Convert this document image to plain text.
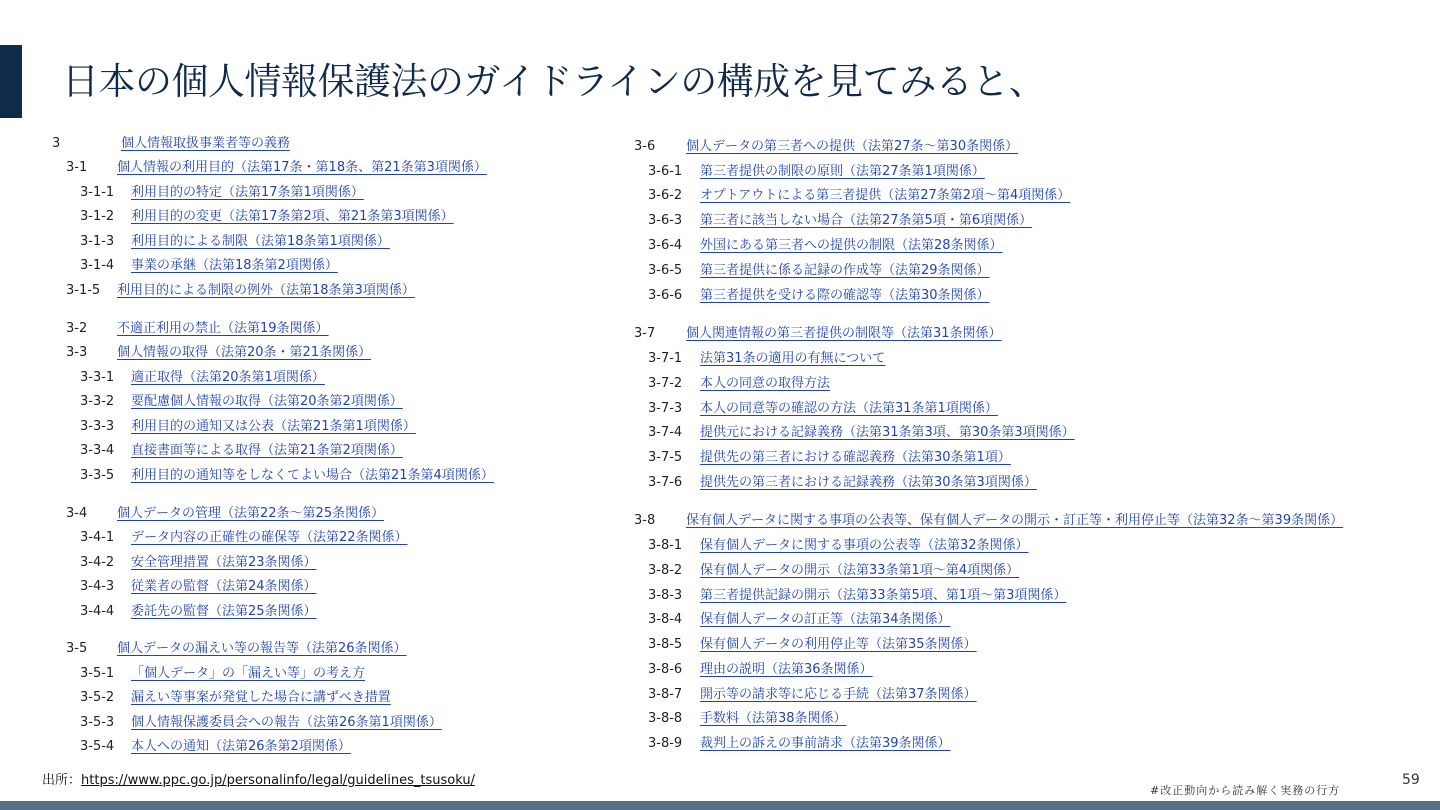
日本の個人情報保護法のガイドラインの構成を見てみると、
3	個人情報取扱事業者等の義務
3-1 個人情報の利用目的（法第17条・第18条、第21条第3項関係）
3-1-1 利用目的の特定（法第17条第1項関係）
3-1-2 利用目的の変更（法第17条第2項、第21条第3項関係）
3-1-3 利用目的による制限（法第18条第1項関係）
3-1-4 事業の承継（法第18条第2項関係）
3-1-5 利用目的による制限の例外（法第18条第3項関係）
3-2 不適正利用の禁止（法第19条関係）
3-3 個人情報の取得（法第20条・第21条関係）
3-3-1 適正取得（法第20条第1項関係）
3-3-2 要配慮個人情報の取得（法第20条第2項関係）
3-3-3 利用目的の通知又は公表（法第21条第1項関係）
3-3-4 直接書面等による取得（法第21条第2項関係）
3-3-5 利用目的の通知等をしなくてよい場合（法第21条第4項関係）
3-4 個人データの管理（法第22条～第25条関係）
3-4-1 データ内容の正確性の確保等（法第22条関係）
3-4-2 安全管理措置（法第23条関係）
3-4-3 従業者の監督（法第24条関係）
3-4-4 委託先の監督（法第25条関係）
3-5 個人データの漏えい等の報告等（法第26条関係）
3-5-1 「個人データ」の「漏えい等」の考え方
3-5-2 漏えい等事案が発覚した場合に講ずべき措置
3-5-3 個人情報保護委員会への報告（法第26条第1項関係）
3-5-4 本人への通知（法第26条第2項関係）
3-6 個人データの第三者への提供（法第27条～第30条関係）
3-6-1 第三者提供の制限の原則（法第27条第1項関係）
3-6-2 オプトアウトによる第三者提供（法第27条第2項～第4項関係）
3-6-3 第三者に該当しない場合（法第27条第5項・第6項関係）
3-6-4 外国にある第三者への提供の制限（法第28条関係）
3-6-5 第三者提供に係る記録の作成等（法第29条関係）
3-6-6 第三者提供を受ける際の確認等（法第30条関係）
3-7 個人関連情報の第三者提供の制限等（法第31条関係）
3-7-1 法第31条の適用の有無について
3-7-2 本人の同意の取得方法
3-7-3 本人の同意等の確認の方法（法第31条第1項関係）
3-7-4 提供元における記録義務（法第31条第3項、第30条第3項関係）
3-7-5 提供先の第三者における確認義務（法第30条第1項）
3-7-6 提供先の第三者における記録義務（法第30条第3項関係）
3-8 保有個人データに関する事項の公表等、保有個人データの開示・訂正等・利用停止等（法第32条～第39条関係）
3-8-1 保有個人データに関する事項の公表等（法第32条関係）
3-8-2 保有個人データの開示（法第33条第1項～第4項関係）
3-8-3 第三者提供記録の開示（法第33条第5項、第1項～第3項関係）
3-8-4 保有個人データの訂正等（法第34条関係）
3-8-5 保有個人データの利用停止等（法第35条関係）
3-8-6 理由の説明（法第36条関係）
3-8-7 開示等の請求等に応じる手続（法第37条関係）
3-8-8 手数料（法第38条関係）
3-8-9 裁判上の訴えの事前請求（法第39条関係）
出所：https://www.ppc.go.jp/personalinfo/legal/guidelines_tsusoku/
#改正動向から読み解く実務の行方
59
